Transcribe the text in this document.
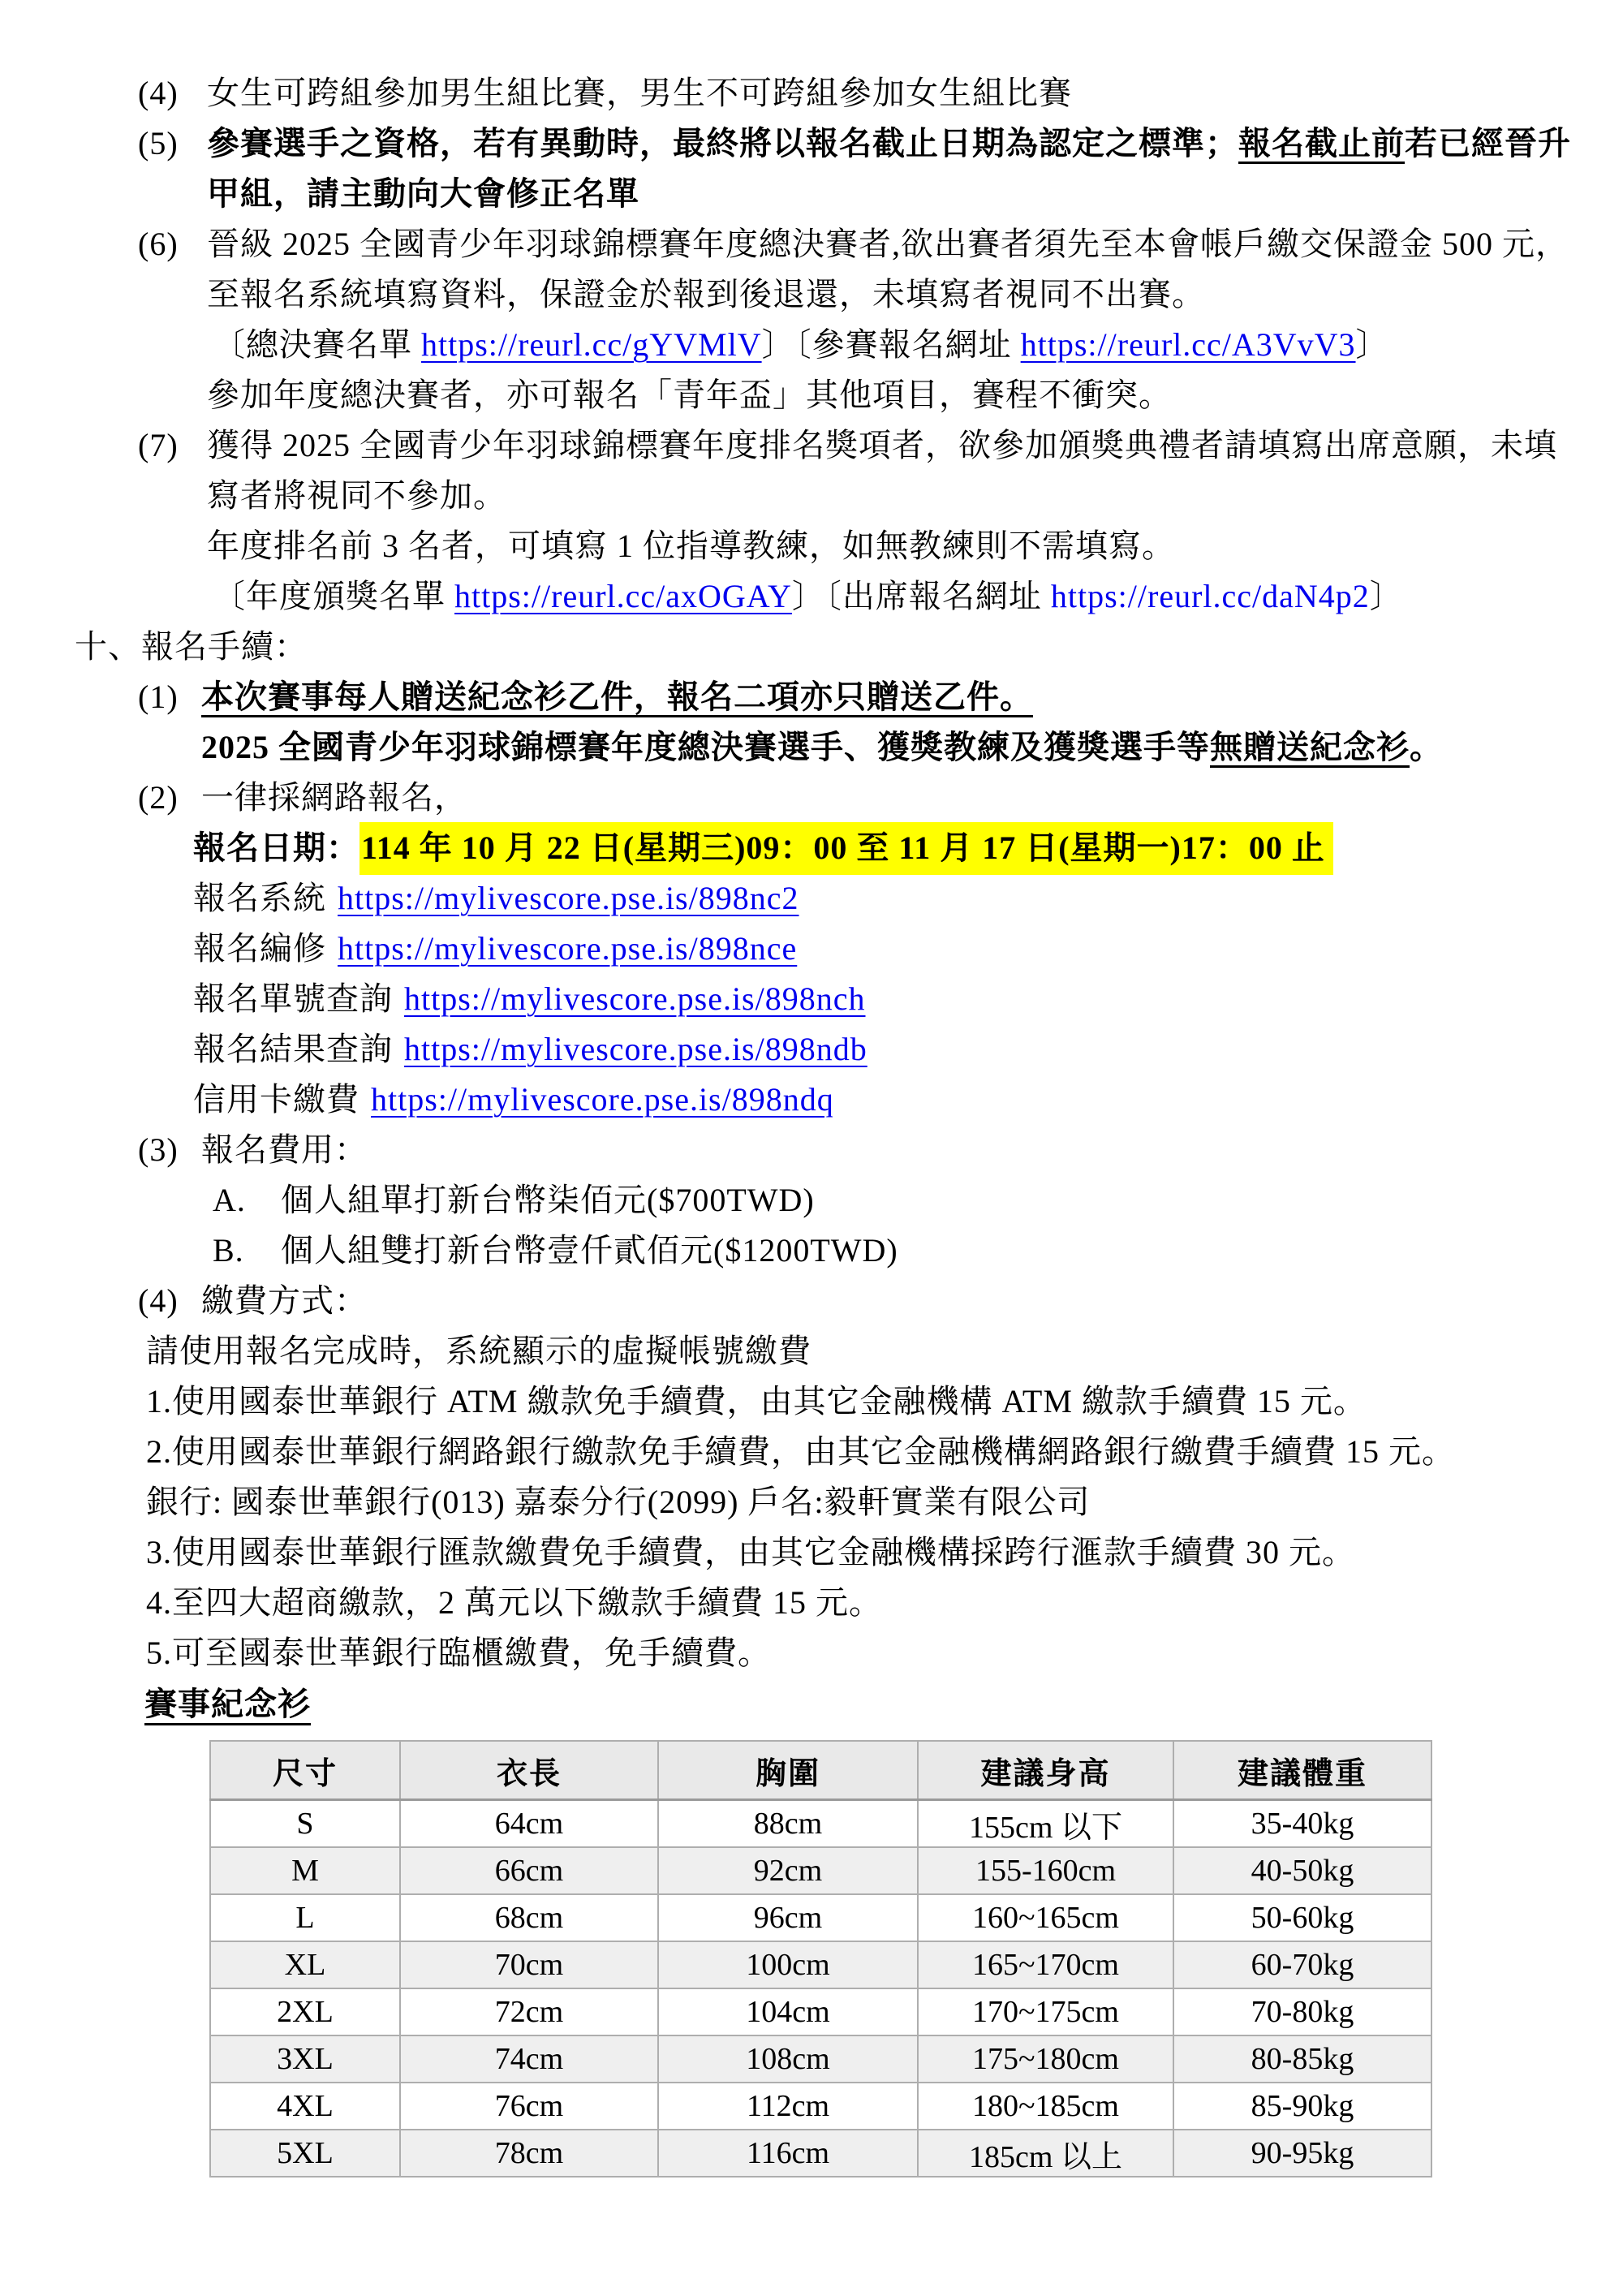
(4) 女生可跨組參加男生組比賽，男生不可跨組參加女生組比賽
(5) 參賽選手之資格，若有異動時，最終將以報名截止日期為認定之標準；報名截止前若已經晉升
甲組，請主動向大會修正名單
(6) 晉級 2025 全國青少年羽球錦標賽年度總決賽者,欲出賽者須先至本會帳戶繳交保證金 500 元，
至報名系統填寫資料，保證金於報到後退還，未填寫者視同不出賽。
〔總決賽名單 https://reurl.cc/gYVMlV〕〔參賽報名網址 https://reurl.cc/A3VvV3〕
參加年度總決賽者，亦可報名「青年盃」其他項目，賽程不衝突。
(7) 獲得 2025 全國青少年羽球錦標賽年度排名獎項者，欲參加頒獎典禮者請填寫出席意願，未填
寫者將視同不參加。
年度排名前 3 名者，可填寫 1 位指導教練，如無教練則不需填寫。
〔年度頒獎名單 https://reurl.cc/axOGAY〕〔出席報名網址 https://reurl.cc/daN4p2〕
十、報名手續：
(1) 本次賽事每人贈送紀念衫乙件，報名二項亦只贈送乙件。
2025 全國青少年羽球錦標賽年度總決賽選手、獲獎教練及獲獎選手等無贈送紀念衫。
(2) 一律採網路報名，
報名日期：114 年 10 月 22 日(星期三)09：00 至 11 月 17 日(星期一)17：00 止
報名系統 https://mylivescore.pse.is/898nc2
報名編修 https://mylivescore.pse.is/898nce
報名單號查詢 https://mylivescore.pse.is/898nch
報名結果查詢 https://mylivescore.pse.is/898ndb
信用卡繳費 https://mylivescore.pse.is/898ndq
(3) 報名費用：
A. 個人組單打新台幣柒佰元($700TWD)
B. 個人組雙打新台幣壹仟貳佰元($1200TWD)
(4) 繳費方式：
請使用報名完成時，系統顯示的虛擬帳號繳費
1.使用國泰世華銀行 ATM 繳款免手續費，由其它金融機構 ATM 繳款手續費 15 元。
2.使用國泰世華銀行網路銀行繳款免手續費，由其它金融機構網路銀行繳費手續費 15 元。
銀行: 國泰世華銀行(013) 嘉泰分行(2099) 戶名:毅軒實業有限公司
3.使用國泰世華銀行匯款繳費免手續費，由其它金融機構採跨行滙款手續費 30 元。
4.至四大超商繳款，2 萬元以下繳款手續費 15 元。
5.可至國泰世華銀行臨櫃繳費，免手續費。
賽事紀念衫
尺寸	衣長	胸圍	建議身高	建議體重
S	64cm	88cm	155cm 以下	35-40kg
M	66cm	92cm	155-160cm	40-50kg
L	68cm	96cm	160~165cm	50-60kg
XL	70cm	100cm	165~170cm	60-70kg
2XL	72cm	104cm	170~175cm	70-80kg
3XL	74cm	108cm	175~180cm	80-85kg
4XL	76cm	112cm	180~185cm	85-90kg
5XL	78cm	116cm	185cm 以上	90-95kg
